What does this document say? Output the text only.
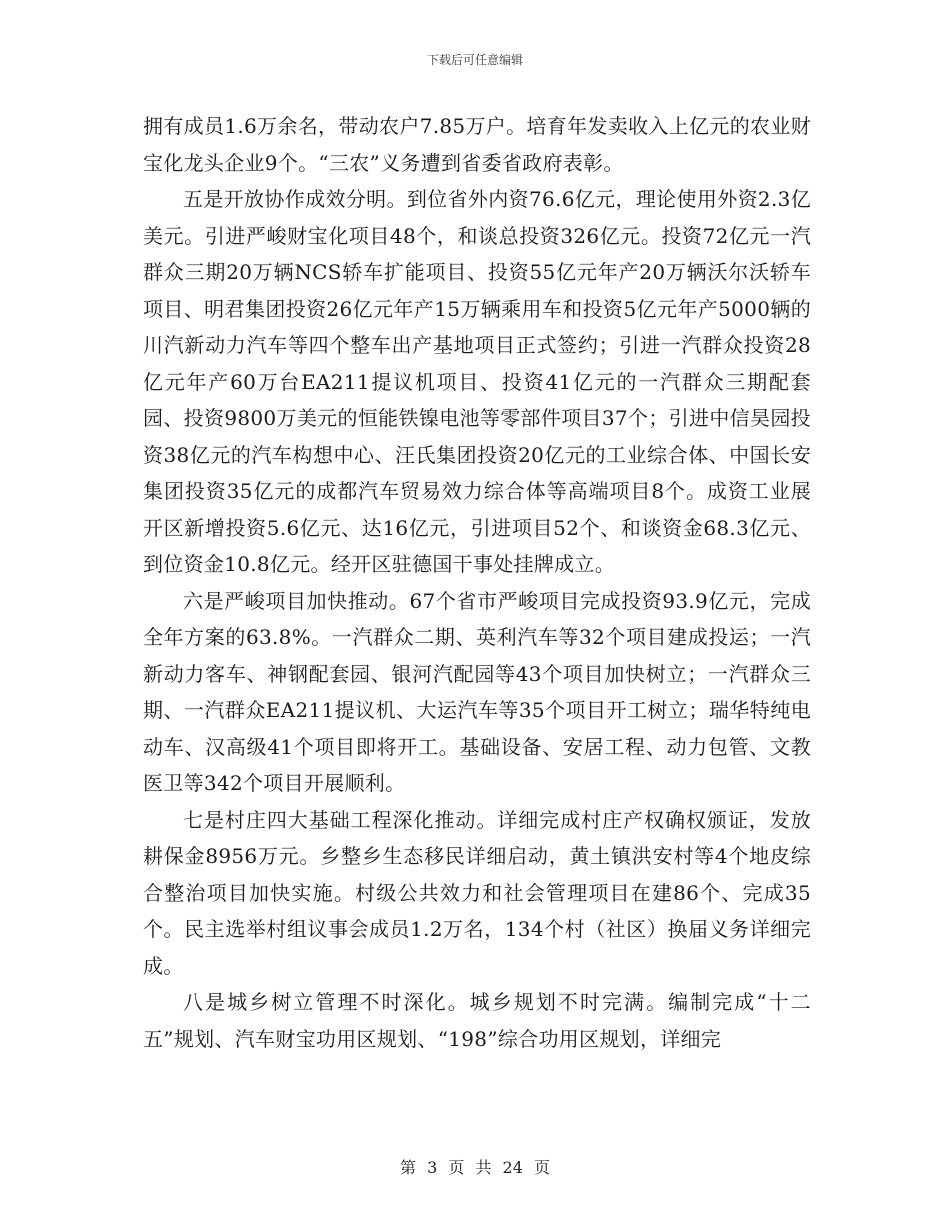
下载后可任意编辑

拥有成员1.6万余名，带动农户7.85万户。培育年发卖收入上亿元的农业财宝化龙头企业9个。“三农”义务遭到省委省政府表彰。

五是开放协作成效分明。到位省外内资76.6亿元，理论使用外资2.3亿美元。引进严峻财宝化项目48个，和谈总投资326亿元。投资72亿元一汽群众三期20万辆NCS轿车扩能项目、投资55亿元年产20万辆沃尔沃轿车项目、明君集团投资26亿元年产15万辆乘用车和投资5亿元年产5000辆的川汽新动力汽车等四个整车出产基地项目正式签约；引进一汽群众投资28亿元年产60万台EA211提议机项目、投资41亿元的一汽群众三期配套园、投资9800万美元的恒能铁镍电池等零部件项目37个；引进中信昊园投资38亿元的汽车构想中心、汪氏集团投资20亿元的工业综合体、中国长安集团投资35亿元的成都汽车贸易效力综合体等高端项目8个。成资工业展开区新增投资5.6亿元、达16亿元，引进项目52个、和谈资金68.3亿元、到位资金10.8亿元。经开区驻德国干事处挂牌成立。

六是严峻项目加快推动。67个省市严峻项目完成投资93.9亿元，完成全年方案的63.8%。一汽群众二期、英利汽车等32个项目建成投运；一汽新动力客车、神钢配套园、银河汽配园等43个项目加快树立；一汽群众三期、一汽群众EA211提议机、大运汽车等35个项目开工树立；瑞华特纯电动车、汉高级41个项目即将开工。基础设备、安居工程、动力包管、文教医卫等342个项目开展顺利。

七是村庄四大基础工程深化推动。详细完成村庄产权确权颁证，发放耕保金8956万元。乡整乡生态移民详细启动，黄土镇洪安村等4个地皮综合整治项目加快实施。村级公共效力和社会管理项目在建86个、完成35个。民主选举村组议事会成员1.2万名，134个村（社区）换届义务详细完成。

八是城乡树立管理不时深化。城乡规划不时完满。编制完成“十二五”规划、汽车财宝功用区规划、“198”综合功用区规划，详细完

第 3 页 共 24 页
